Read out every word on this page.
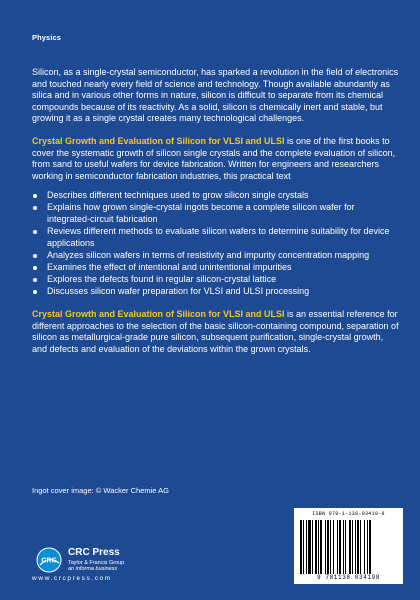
Physics

Silicon, as a single-crystal semiconductor, has sparked a revolution in the field of electronics and touched nearly every field of science and technology. Though available abundantly as silica and in various other forms in nature, silicon is difficult to separate from its chemical compounds because of its reactivity. As a solid, silicon is chemically inert and stable, but growing it as a single crystal creates many technological challenges.

Crystal Growth and Evaluation of Silicon for VLSI and ULSI is one of the first books to cover the systematic growth of silicon single crystals and the complete evaluation of silicon, from sand to useful wafers for device fabrication. Written for engineers and researchers working in semiconductor fabrication industries, this practical text

Describes different techniques used to grow silicon single crystals
Explains how grown single-crystal ingots become a complete silicon wafer for integrated-circuit fabrication
Reviews different methods to evaluate silicon wafers to determine suitability for device applications
Analyzes silicon wafers in terms of resistivity and impurity concentration mapping
Examines the effect of intentional and unintentional impurities
Explores the defects found in regular silicon-crystal lattice
Discusses silicon wafer preparation for VLSI and ULSI processing

Crystal Growth and Evaluation of Silicon for VLSI and ULSI is an essential reference for different approaches to the selection of the basic silicon-containing compound, separation of silicon as metallurgical-grade pure silicon, subsequent purification, single-crystal growth, and defects and evaluation of the deviations within the grown crystals.

Ingot cover image: © Wacker Chemie AG
CRC
CRC Press
Taylor & Francis Group
an informa business
www.crcpress.com
ISBN 978-1-138-03419-8
9 781138 034198
